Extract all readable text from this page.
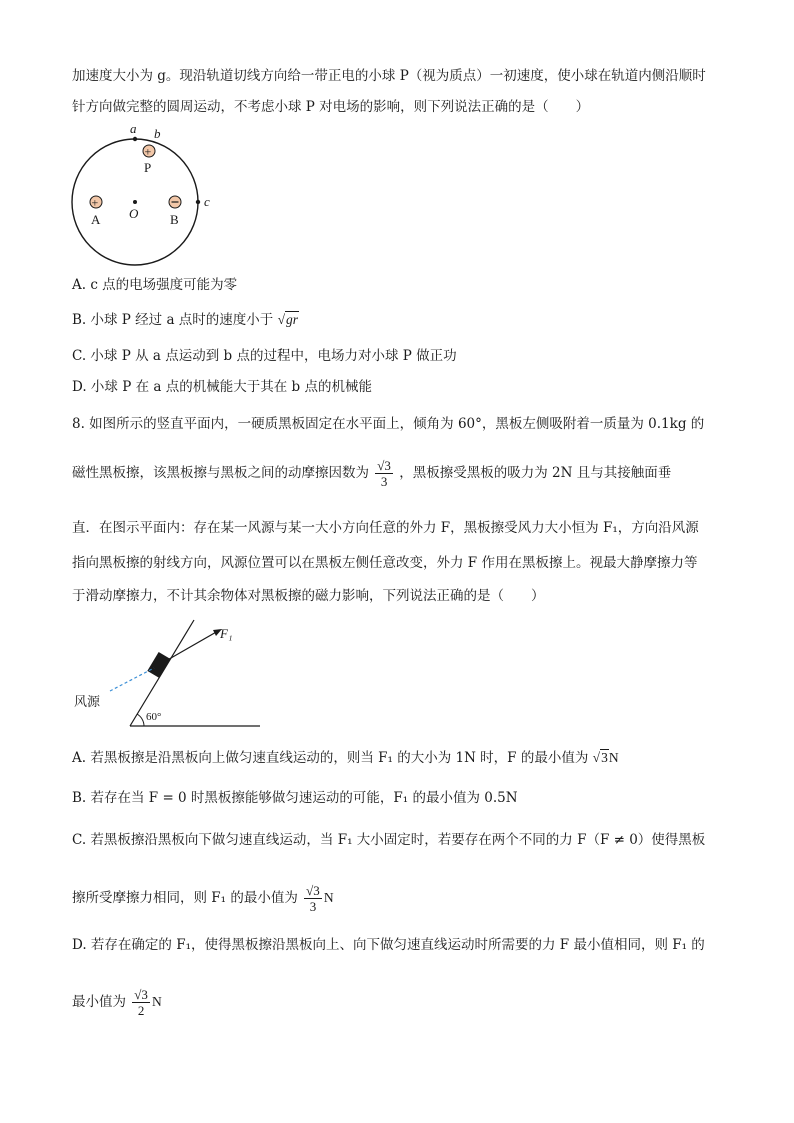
加速度大小为 g。现沿轨道切线方向给一带正电的小球 P（视为质点）一初速度，使小球在轨道内侧沿顺时
针方向做完整的圆周运动，不考虑小球 P 对电场的影响，则下列说法正确的是（　　）
a b
+
P
c
+
A O B
A. c 点的电场强度可能为零
B. 小球 P 经过 a 点时的速度小于 √gr
C. 小球 P 从 a 点运动到 b 点的过程中，电场力对小球 P 做正功
D. 小球 P 在 a 点的机械能大于其在 b 点的机械能
8. 如图所示的竖直平面内，一硬质黑板固定在水平面上，倾角为 60°，黑板左侧吸附着一质量为 0.1kg 的
磁性黑板擦，该黑板擦与黑板之间的动摩擦因数为 $\frac{√3}{3}$ ，黑板擦受黑板的吸力为 2N 且与其接触面垂
直．在图示平面内：存在某一风源与某一大小方向任意的外力 F，黑板擦受风力大小恒为 F₁，方向沿风源
指向黑板擦的射线方向，风源位置可以在黑板左侧任意改变，外力 F 作用在黑板擦上。视最大静摩擦力等
于滑动摩擦力，不计其余物体对黑板擦的磁力影响，下列说法正确的是（　　）
60°
F₁
风源
A. 若黑板擦是沿黑板向上做匀速直线运动的，则当 F₁ 的大小为 1N 时，F 的最小值为 √3N
B. 若存在当 F = 0 时黑板擦能够做匀速运动的可能，F₁ 的最小值为 0.5N
C. 若黑板擦沿黑板向下做匀速直线运动，当 F₁ 大小固定时，若要存在两个不同的力 F（F ≠ 0）使得黑板
擦所受摩擦力相同，则 F₁ 的最小值为 $\frac{√3}{3}$ N
D. 若存在确定的 F₁，使得黑板擦沿黑板向上、向下做匀速直线运动时所需要的力 F 最小值相同，则 F₁ 的
最小值为 $\frac{√3}{2}$ N
